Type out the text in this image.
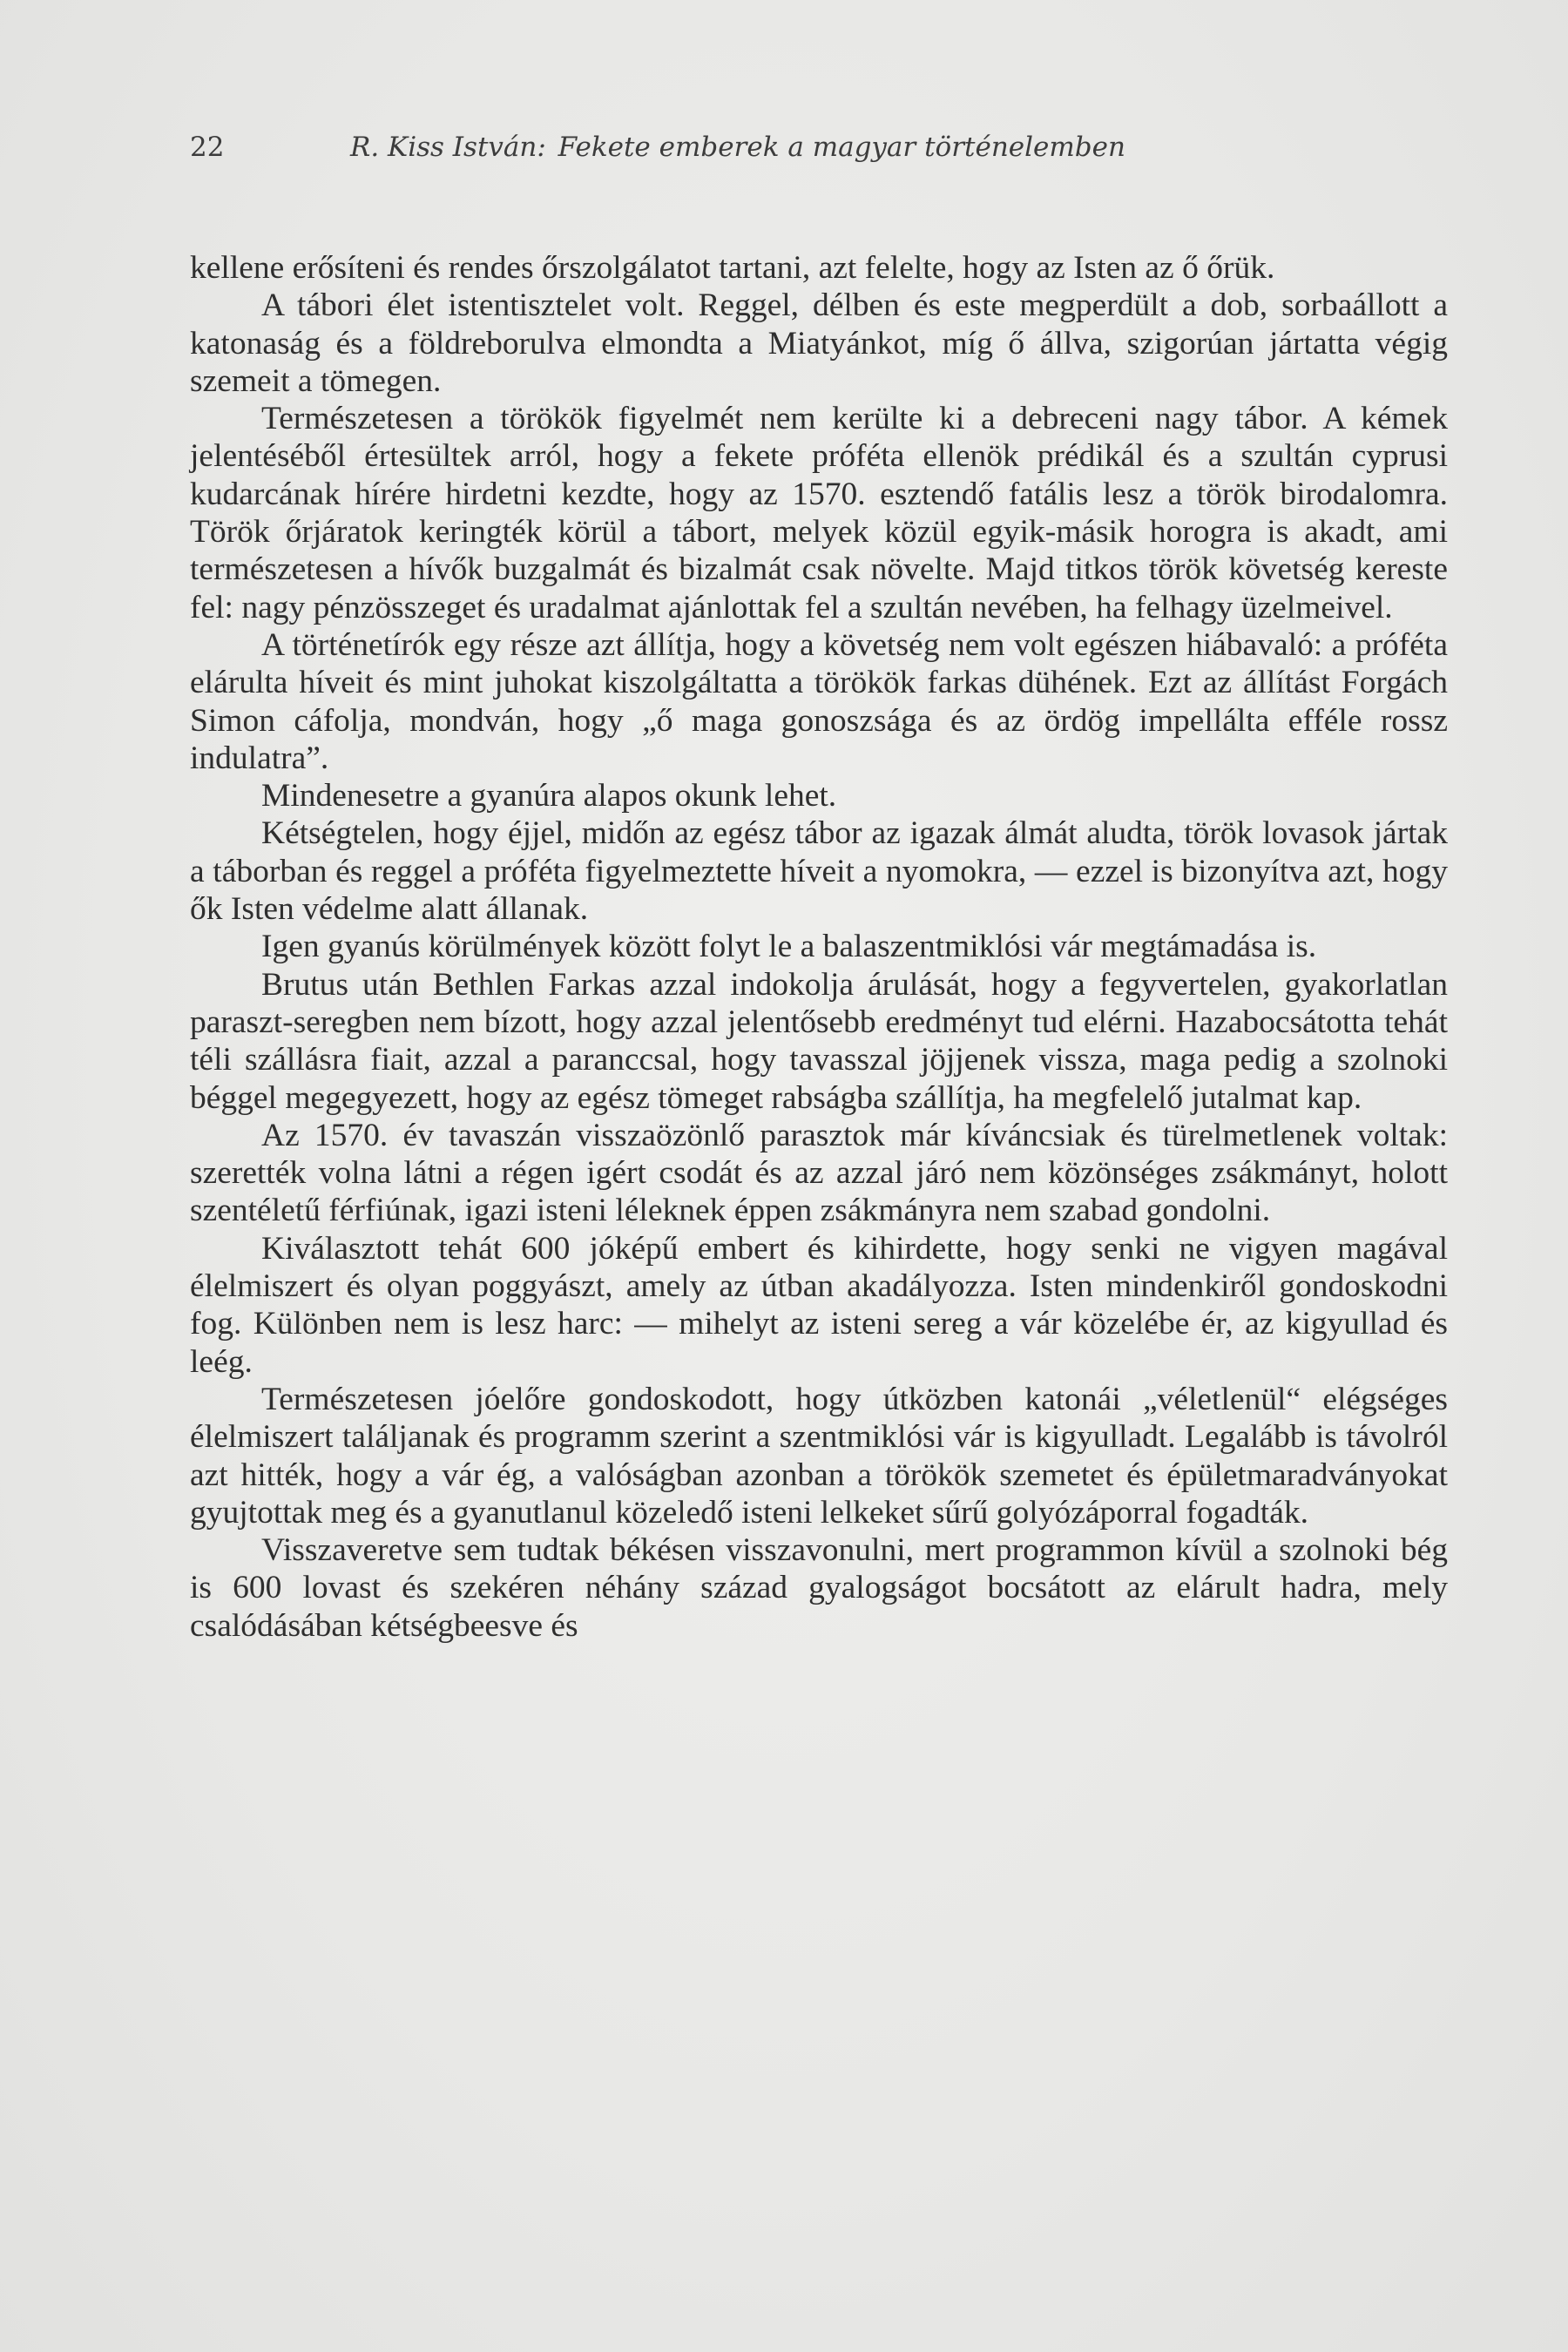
22	R. Kiss István: Fekete emberek a magyar történelemben

kellene erősíteni és rendes őrszolgálatot tartani, azt felelte, hogy az Isten az ő őrük.

A tábori élet istentisztelet volt. Reggel, délben és este megperdült a dob, sorbaállott a katonaság és a földreborulva elmondta a Miatyánkot, míg ő állva, szigorúan jártatta végig szemeit a tömegen.

Természetesen a törökök figyelmét nem kerülte ki a debreceni nagy tábor. A kémek jelentéséből értesültek arról, hogy a fekete próféta ellenök prédikál és a szultán cyprusi kudarcának hírére hirdetni kezdte, hogy az 1570. esztendő fatális lesz a török birodalomra. Török őrjáratok keringték körül a tábort, melyek közül egyik-másik horogra is akadt, ami természetesen a hívők buzgalmát és bizalmát csak növelte. Majd titkos török követség kereste fel: nagy pénzösszeget és uradalmat ajánlottak fel a szultán nevében, ha felhagy üzelmeivel.

A történetírók egy része azt állítja, hogy a követség nem volt egészen hiábavaló: a próféta elárulta híveit és mint juhokat kiszolgáltatta a törökök farkas dühének. Ezt az állítást Forgách Simon cáfolja, mondván, hogy „ő maga gonoszsága és az ördög impellálta efféle rossz indulatra”.

Mindenesetre a gyanúra alapos okunk lehet.

Kétségtelen, hogy éjjel, midőn az egész tábor az igazak álmát aludta, török lovasok jártak a táborban és reggel a próféta figyelmeztette híveit a nyomokra, — ezzel is bizonyítva azt, hogy ők Isten védelme alatt állanak.

Igen gyanús körülmények között folyt le a balaszentmiklósi vár megtámadása is.

Brutus után Bethlen Farkas azzal indokolja árulását, hogy a fegyvertelen, gyakorlatlan paraszt-seregben nem bízott, hogy azzal jelentősebb eredményt tud elérni. Hazabocsátotta tehát téli szállásra fiait, azzal a paranccsal, hogy tavasszal jöjjenek vissza, maga pedig a szolnoki béggel megegyezett, hogy az egész tömeget rabságba szállítja, ha megfelelő jutalmat kap.

Az 1570. év tavaszán visszaözönlő parasztok már kíváncsiak és türelmetlenek voltak: szerették volna látni a régen igért csodát és az azzal járó nem közönséges zsákmányt, holott szentéletű férfiúnak, igazi isteni léleknek éppen zsákmányra nem szabad gondolni.

Kiválasztott tehát 600 jóképű embert és kihirdette, hogy senki ne vigyen magával élelmiszert és olyan poggyászt, amely az útban akadályozza. Isten mindenkiről gondoskodni fog. Különben nem is lesz harc: — mihelyt az isteni sereg a vár közelébe ér, az kigyullad és leég.

Természetesen jóelőre gondoskodott, hogy útközben katonái „véletlenül“ elégséges élelmiszert találjanak és programm szerint a szentmiklósi vár is kigyulladt. Legalább is távolról azt hitték, hogy a vár ég, a valóságban azonban a törökök szemetet és épületmaradványokat gyujtottak meg és a gyanutlanul közeledő isteni lelkeket sűrű golyózáporral fogadták.

Visszaveretve sem tudtak békésen visszavonulni, mert programmon kívül a szolnoki bég is 600 lovast és szekéren néhány század gyalogságot bocsátott az elárult hadra, mely csalódásában kétségbeesve és
